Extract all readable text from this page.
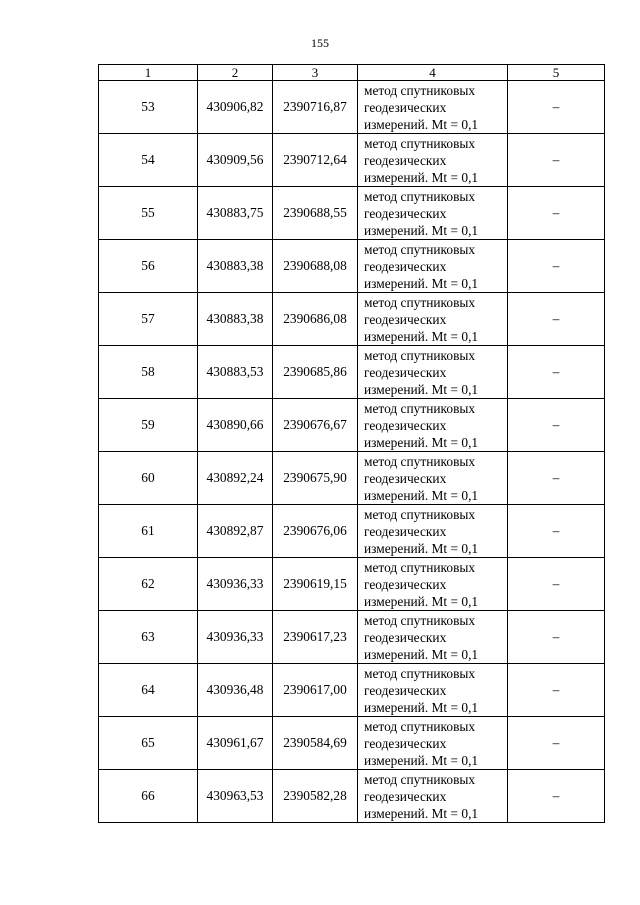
155
1	2	3	4	5
53	430906,82	2390716,87	метод спутниковых
геодезических
измерений. Mt = 0,1	–
54	430909,56	2390712,64	метод спутниковых
геодезических
измерений. Mt = 0,1	–
55	430883,75	2390688,55	метод спутниковых
геодезических
измерений. Mt = 0,1	–
56	430883,38	2390688,08	метод спутниковых
геодезических
измерений. Mt = 0,1	–
57	430883,38	2390686,08	метод спутниковых
геодезических
измерений. Mt = 0,1	–
58	430883,53	2390685,86	метод спутниковых
геодезических
измерений. Mt = 0,1	–
59	430890,66	2390676,67	метод спутниковых
геодезических
измерений. Mt = 0,1	–
60	430892,24	2390675,90	метод спутниковых
геодезических
измерений. Mt = 0,1	–
61	430892,87	2390676,06	метод спутниковых
геодезических
измерений. Mt = 0,1	–
62	430936,33	2390619,15	метод спутниковых
геодезических
измерений. Mt = 0,1	–
63	430936,33	2390617,23	метод спутниковых
геодезических
измерений. Mt = 0,1	–
64	430936,48	2390617,00	метод спутниковых
геодезических
измерений. Mt = 0,1	–
65	430961,67	2390584,69	метод спутниковых
геодезических
измерений. Mt = 0,1	–
66	430963,53	2390582,28	метод спутниковых
геодезических
измерений. Mt = 0,1	–
